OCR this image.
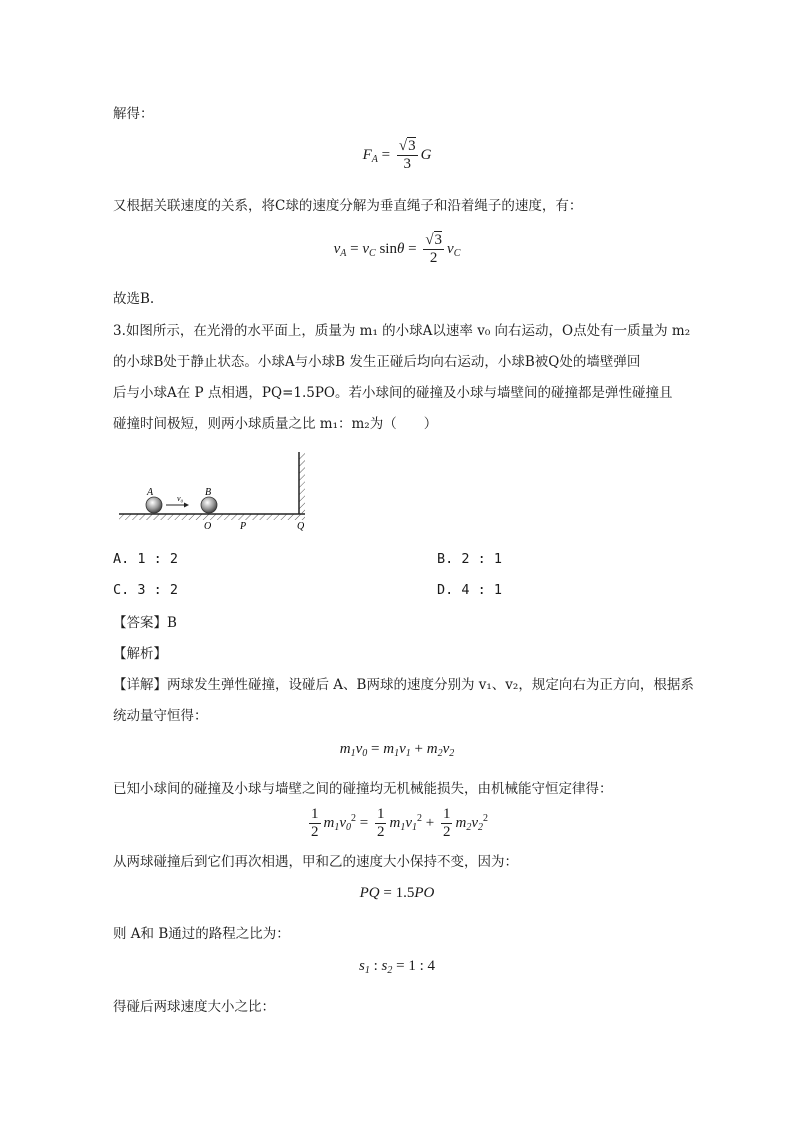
解得：
$F_A = \frac{√3}{3}$ G
又根据关联速度的关系，将C球的速度分解为垂直绳子和沿着绳子的速度，有：
$v_A = v_C$ $\sin\theta = \frac{√3}{2} v_C$
故选B.
3.如图所示，在光滑的水平面上，质量为 m₁ 的小球A以速率 v₀ 向右运动，O点处有一质量为 m₂
的小球B处于静止状态。小球A与小球B 发生正碰后均向右运动，小球B被Q处的墙壁弹回
后与小球A在 P 点相遇，PQ=1.5PO。若小球间的碰撞及小球与墙壁间的碰撞都是弹性碰撞且
碰撞时间极短，则两小球质量之比 m₁：m₂为（　　）
A	B
v₀
O	P	Q
A. 1 : 2	B. 2 : 1
C. 3 : 2	D. 4 : 1
【答案】B
【解析】
【详解】两球发生弹性碰撞，设碰后 A、B两球的速度分别为 v₁、v₂，规定向右为正方向，根据系
统动量守恒得：
$m_1v_0 = m_1v_1 + m_2v_2$
已知小球间的碰撞及小球与墙壁之间的碰撞均无机械能损失，由机械能守恒定律得：
$\frac{1}{2} m_1v_0^2 = \frac{1}{2} m_1v_1^2 + \frac{1}{2} m_2v_2^2$
从两球碰撞后到它们再次相遇，甲和乙的速度大小保持不变，因为：
PQ = 1.5PO
则 A和 B通过的路程之比为：
$s_1$ : $s_2 = 1$ : 4
得碰后两球速度大小之比：
